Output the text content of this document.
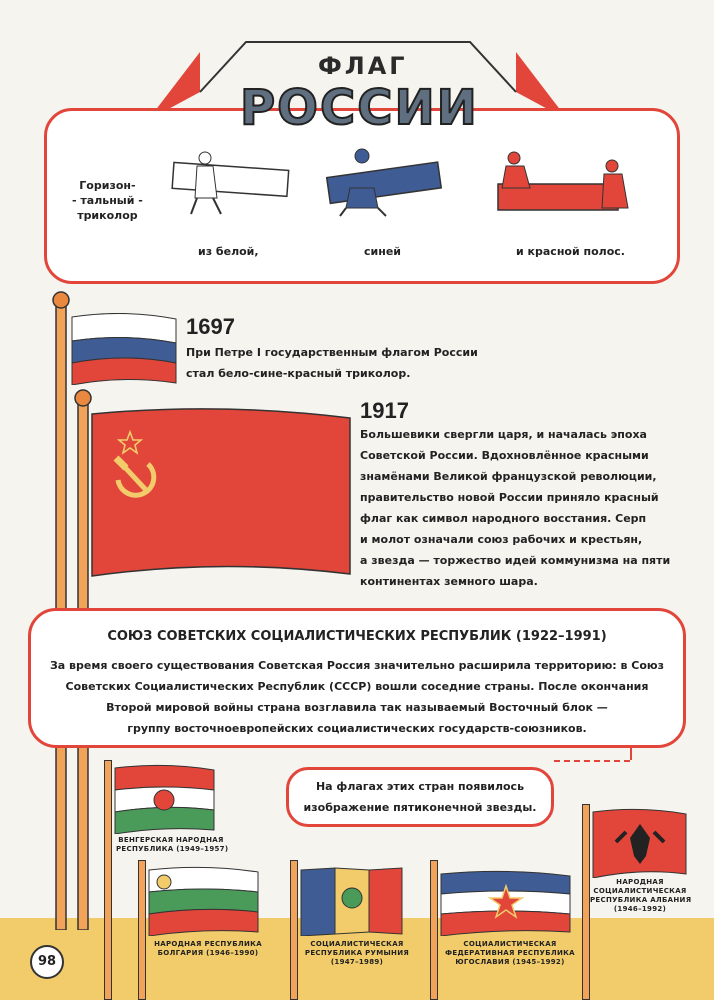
ФЛАГ
РОССИИ
Горизон-
- тальный -
триколор
из белой,	синей	и красной полос.
1697
При Петре I государственным флагом России
стал бело-сине-красный триколор.
1917
Большевики свергли царя, и началась эпоха
Советской России. Вдохновлённое красными
знамёнами Великой французской революции,
правительство новой России приняло красный
флаг как символ народного восстания. Серп
и молот означали союз рабочих и крестьян,
а звезда — торжество идей коммунизма на пяти
континентах земного шара.
СОЮЗ СОВЕТСКИХ СОЦИАЛИСТИЧЕСКИХ РЕСПУБЛИК (1922–1991)
За время своего существования Советская Россия значительно расширила территорию: в Союз
Советских Социалистических Республик (СССР) вошли соседние страны. После окончания
Второй мировой войны страна возглавила так называемый Восточный блок —
группу восточноевропейских социалистических государств-союзников.
На флагах этих стран появилось
изображение пятиконечной звезды.
ВЕНГЕРСКАЯ НАРОДНАЯ
РЕСПУБЛИКА (1949–1957)
НАРОДНАЯ РЕСПУБЛИКА
БОЛГАРИЯ (1946–1990)
СОЦИАЛИСТИЧЕСКАЯ
РЕСПУБЛИКА РУМЫНИЯ
(1947–1989)
СОЦИАЛИСТИЧЕСКАЯ
ФЕДЕРАТИВНАЯ РЕСПУБЛИКА
ЮГОСЛАВИЯ (1945–1992)
НАРОДНАЯ
СОЦИАЛИСТИЧЕСКАЯ
РЕСПУБЛИКА АЛБАНИЯ
(1946–1992)
98
